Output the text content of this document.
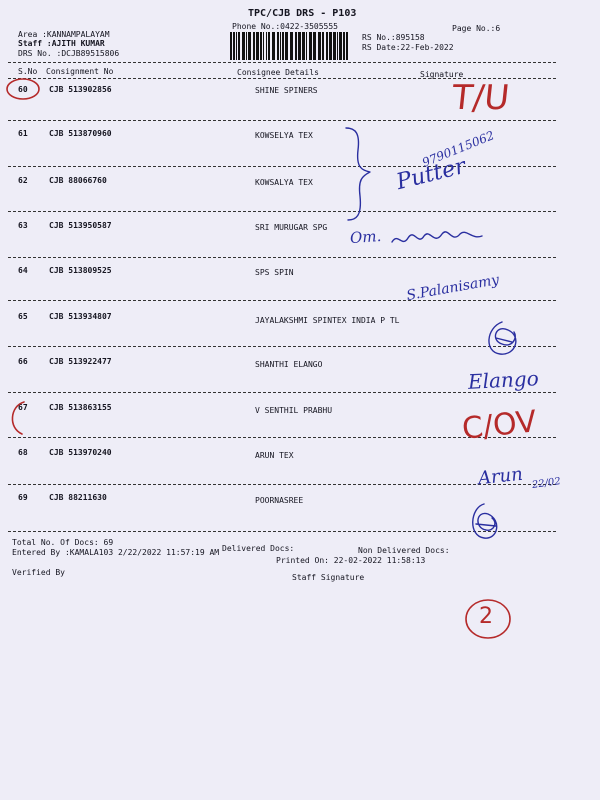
TPC/CJB DRS - P103
Phone No.:0422-3505555	Page No.:6
Area :KANNAMPALAYAM
Staff :AJITH KUMAR
DRS No. :DCJB89515806
RS No.:895158
RS Date:22-Feb-2022
S.No Consignment No	Consignee Details	Signature
60	CJB 513902856	SHINE SPINERS
61	CJB 513870960	KOWSELYA TEX
62	CJB 88066760	KOWSALYA TEX
63	CJB 513950587	SRI MURUGAR SPG
64	CJB 513809525	SPS SPIN
65	CJB 513934807	JAYALAKSHMI SPINTEX INDIA P TL
66	CJB 513922477	SHANTHI ELANGO
67	CJB 513863155	V SENTHIL PRABHU
68	CJB 513970240	ARUN TEX
69	CJB 88211630	POORNASREE
Total No. Of Docs: 69
Delivered Docs:	Non Delivered Docs:
Entered By :KAMALA103 2/22/2022 11:57:19 AM
Printed On: 22-02-2022 11:58:13
Verified By
Staff Signature
T/U
Putter
9790115062
Om.
S.Palanisamy
Elango
C/OV
Arun 22/02
2
